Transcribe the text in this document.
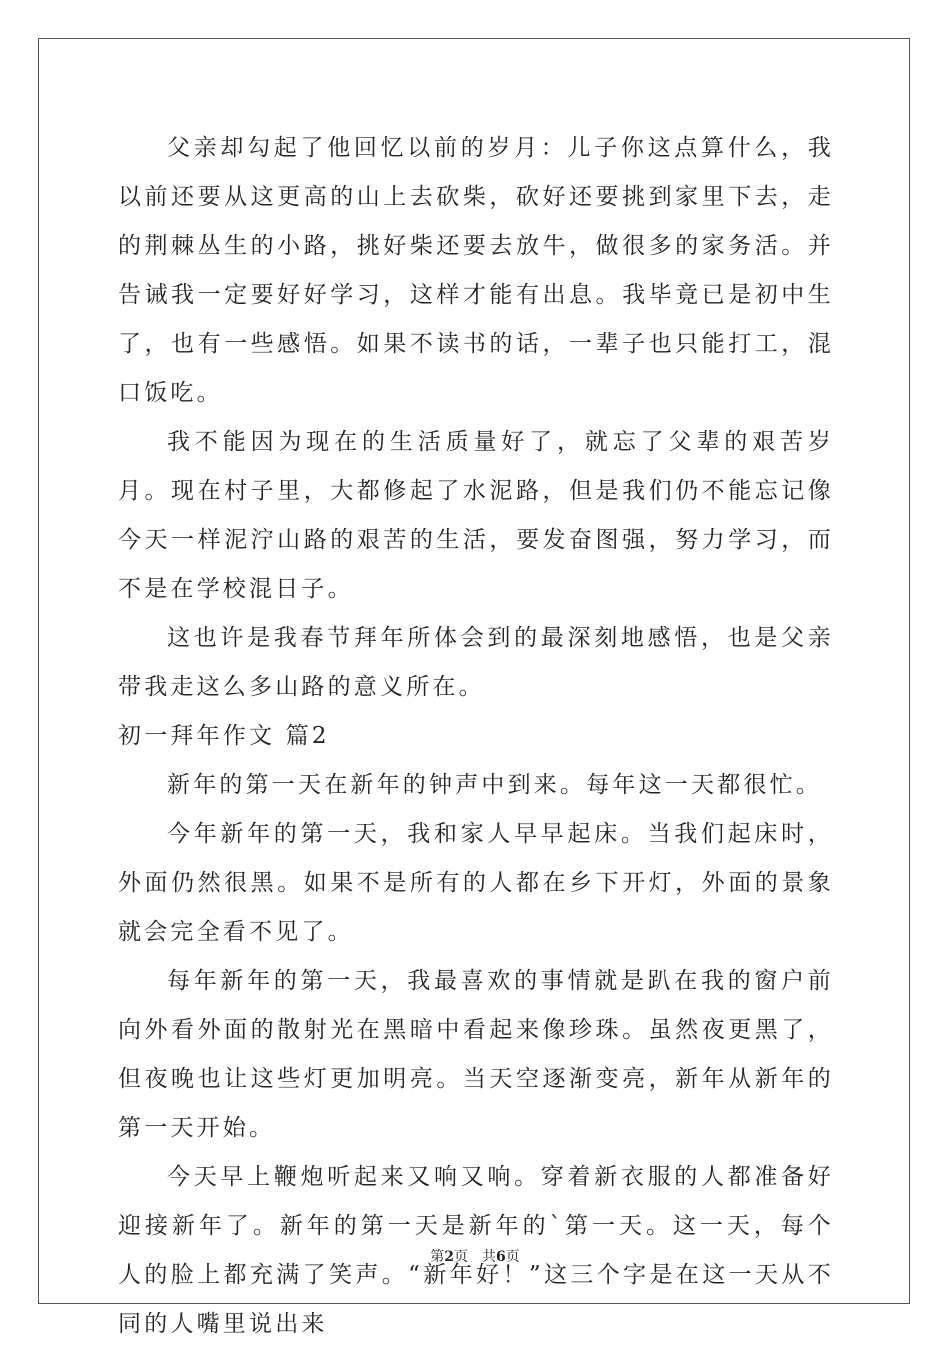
父亲却勾起了他回忆以前的岁月：儿子你这点算什么，我以前还要从这更高的山上去砍柴，砍好还要挑到家里下去，走的荆棘丛生的小路，挑好柴还要去放牛，做很多的家务活。并告诫我一定要好好学习，这样才能有出息。我毕竟已是初中生了，也有一些感悟。如果不读书的话，一辈子也只能打工，混口饭吃。

我不能因为现在的生活质量好了，就忘了父辈的艰苦岁月。现在村子里，大都修起了水泥路，但是我们仍不能忘记像今天一样泥泞山路的艰苦的生活，要发奋图强，努力学习，而不是在学校混日子。

这也许是我春节拜年所体会到的最深刻地感悟，也是父亲带我走这么多山路的意义所在。

初一拜年作文 篇2

新年的第一天在新年的钟声中到来。每年这一天都很忙。

今年新年的第一天，我和家人早早起床。当我们起床时，外面仍然很黑。如果不是所有的人都在乡下开灯，外面的景象就会完全看不见了。

每年新年的第一天，我最喜欢的事情就是趴在我的窗户前向外看外面的散射光在黑暗中看起来像珍珠。虽然夜更黑了，但夜晚也让这些灯更加明亮。当天空逐渐变亮，新年从新年的第一天开始。

今天早上鞭炮听起来又响又响。穿着新衣服的人都准备好迎接新年了。新年的第一天是新年的`第一天。这一天，每个人的脸上都充满了笑声。“新年好！”这三个字是在这一天从不同的人嘴里说出来

第2页 共6页
